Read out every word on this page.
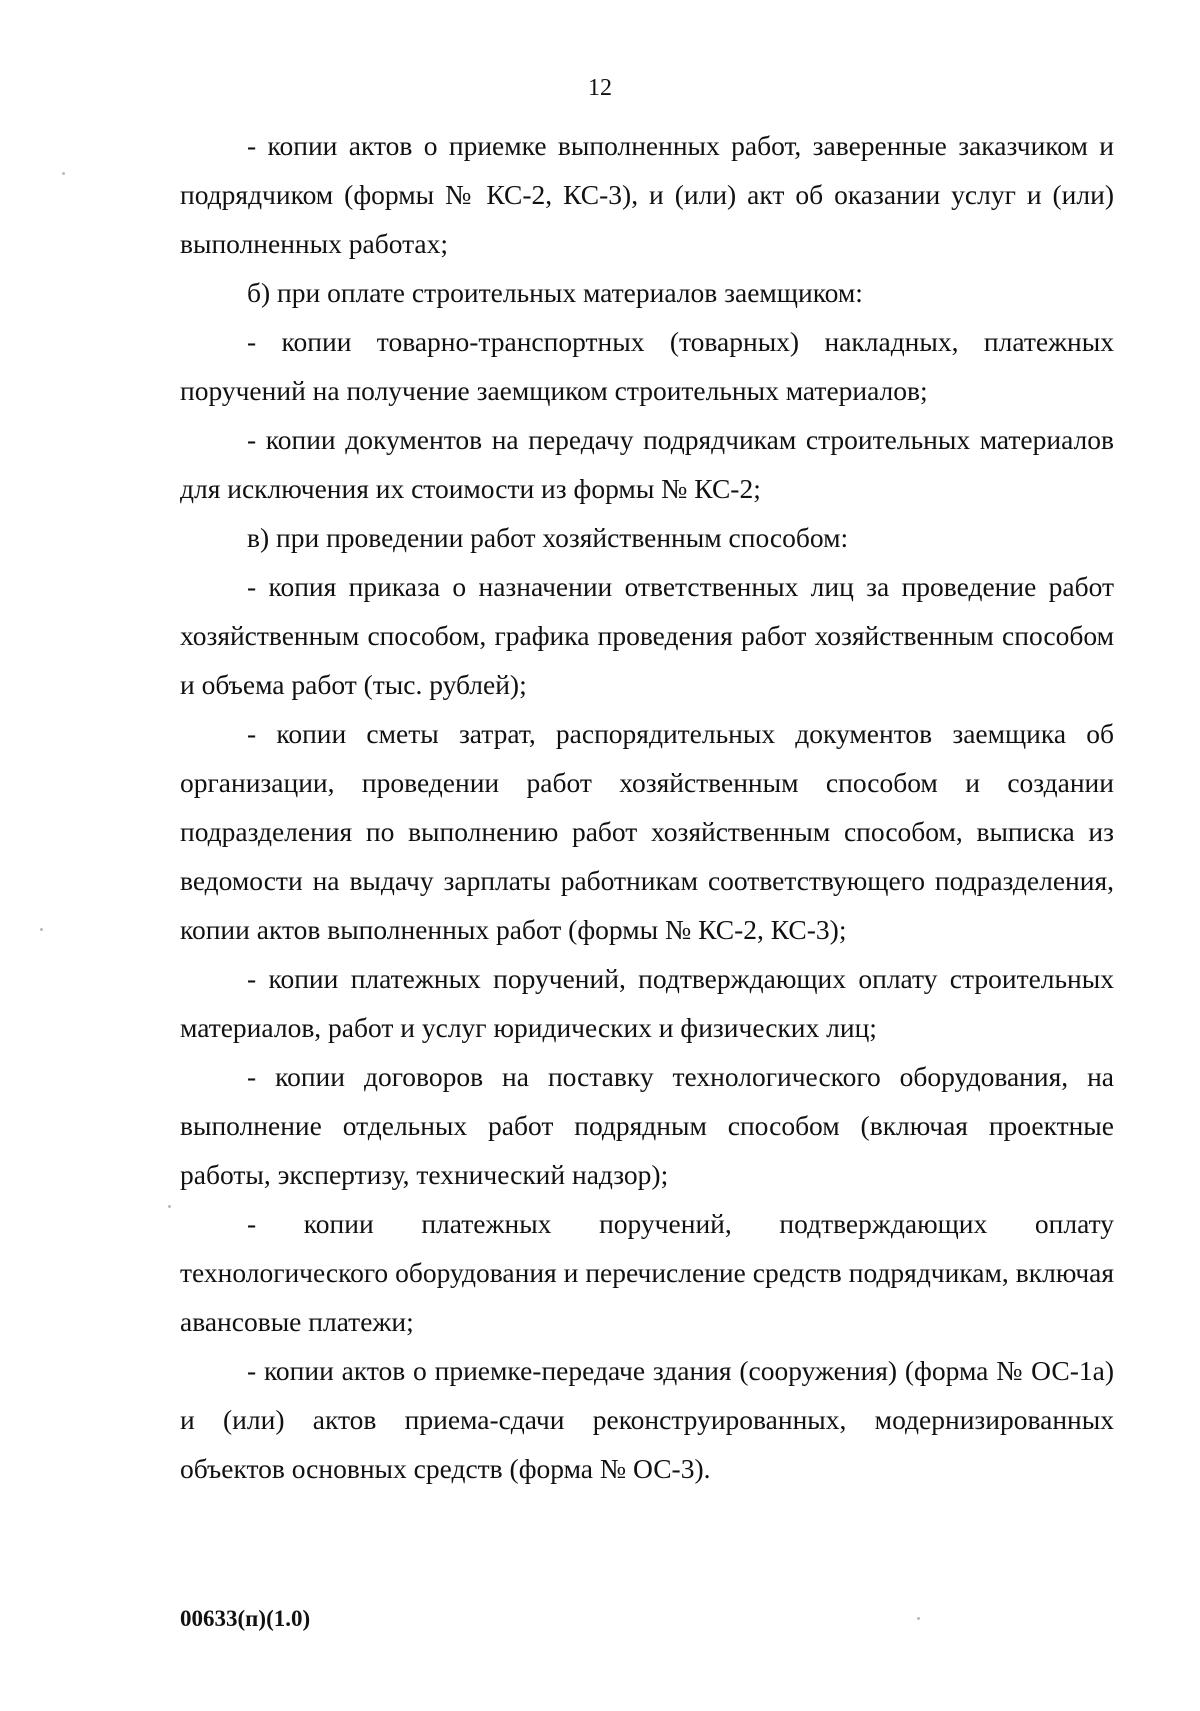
12

- копии актов о приемке выполненных работ, заверенные заказчиком и подрядчиком (формы № КС-2, КС-3), и (или) акт об оказании услуг и (или) выполненных работах;

б) при оплате строительных материалов заемщиком:

- копии товарно-транспортных (товарных) накладных, платежных поручений на получение заемщиком строительных материалов;

- копии документов на передачу подрядчикам строительных материалов для исключения их стоимости из формы № КС-2;

в) при проведении работ хозяйственным способом:

- копия приказа о назначении ответственных лиц за проведение работ хозяйственным способом, графика проведения работ хозяйственным способом и объема работ (тыс. рублей);

- копии сметы затрат, распорядительных документов заемщика об организации, проведении работ хозяйственным способом и создании подразделения по выполнению работ хозяйственным способом, выписка из ведомости на выдачу зарплаты работникам соответствующего подразделения, копии актов выполненных работ (формы № КС-2, КС-3);

- копии платежных поручений, подтверждающих оплату строительных материалов, работ и услуг юридических и физических лиц;

- копии договоров на поставку технологического оборудования, на выполнение отдельных работ подрядным способом (включая проектные работы, экспертизу, технический надзор);

- копии платежных поручений, подтверждающих оплату технологического оборудования и перечисление средств подрядчикам, включая авансовые платежи;

- копии актов о приемке-передаче здания (сооружения) (форма № ОС-1а) и (или) актов приема-сдачи реконструированных, модернизированных объектов основных средств (форма № ОС-3).

00633(п)(1.0)
